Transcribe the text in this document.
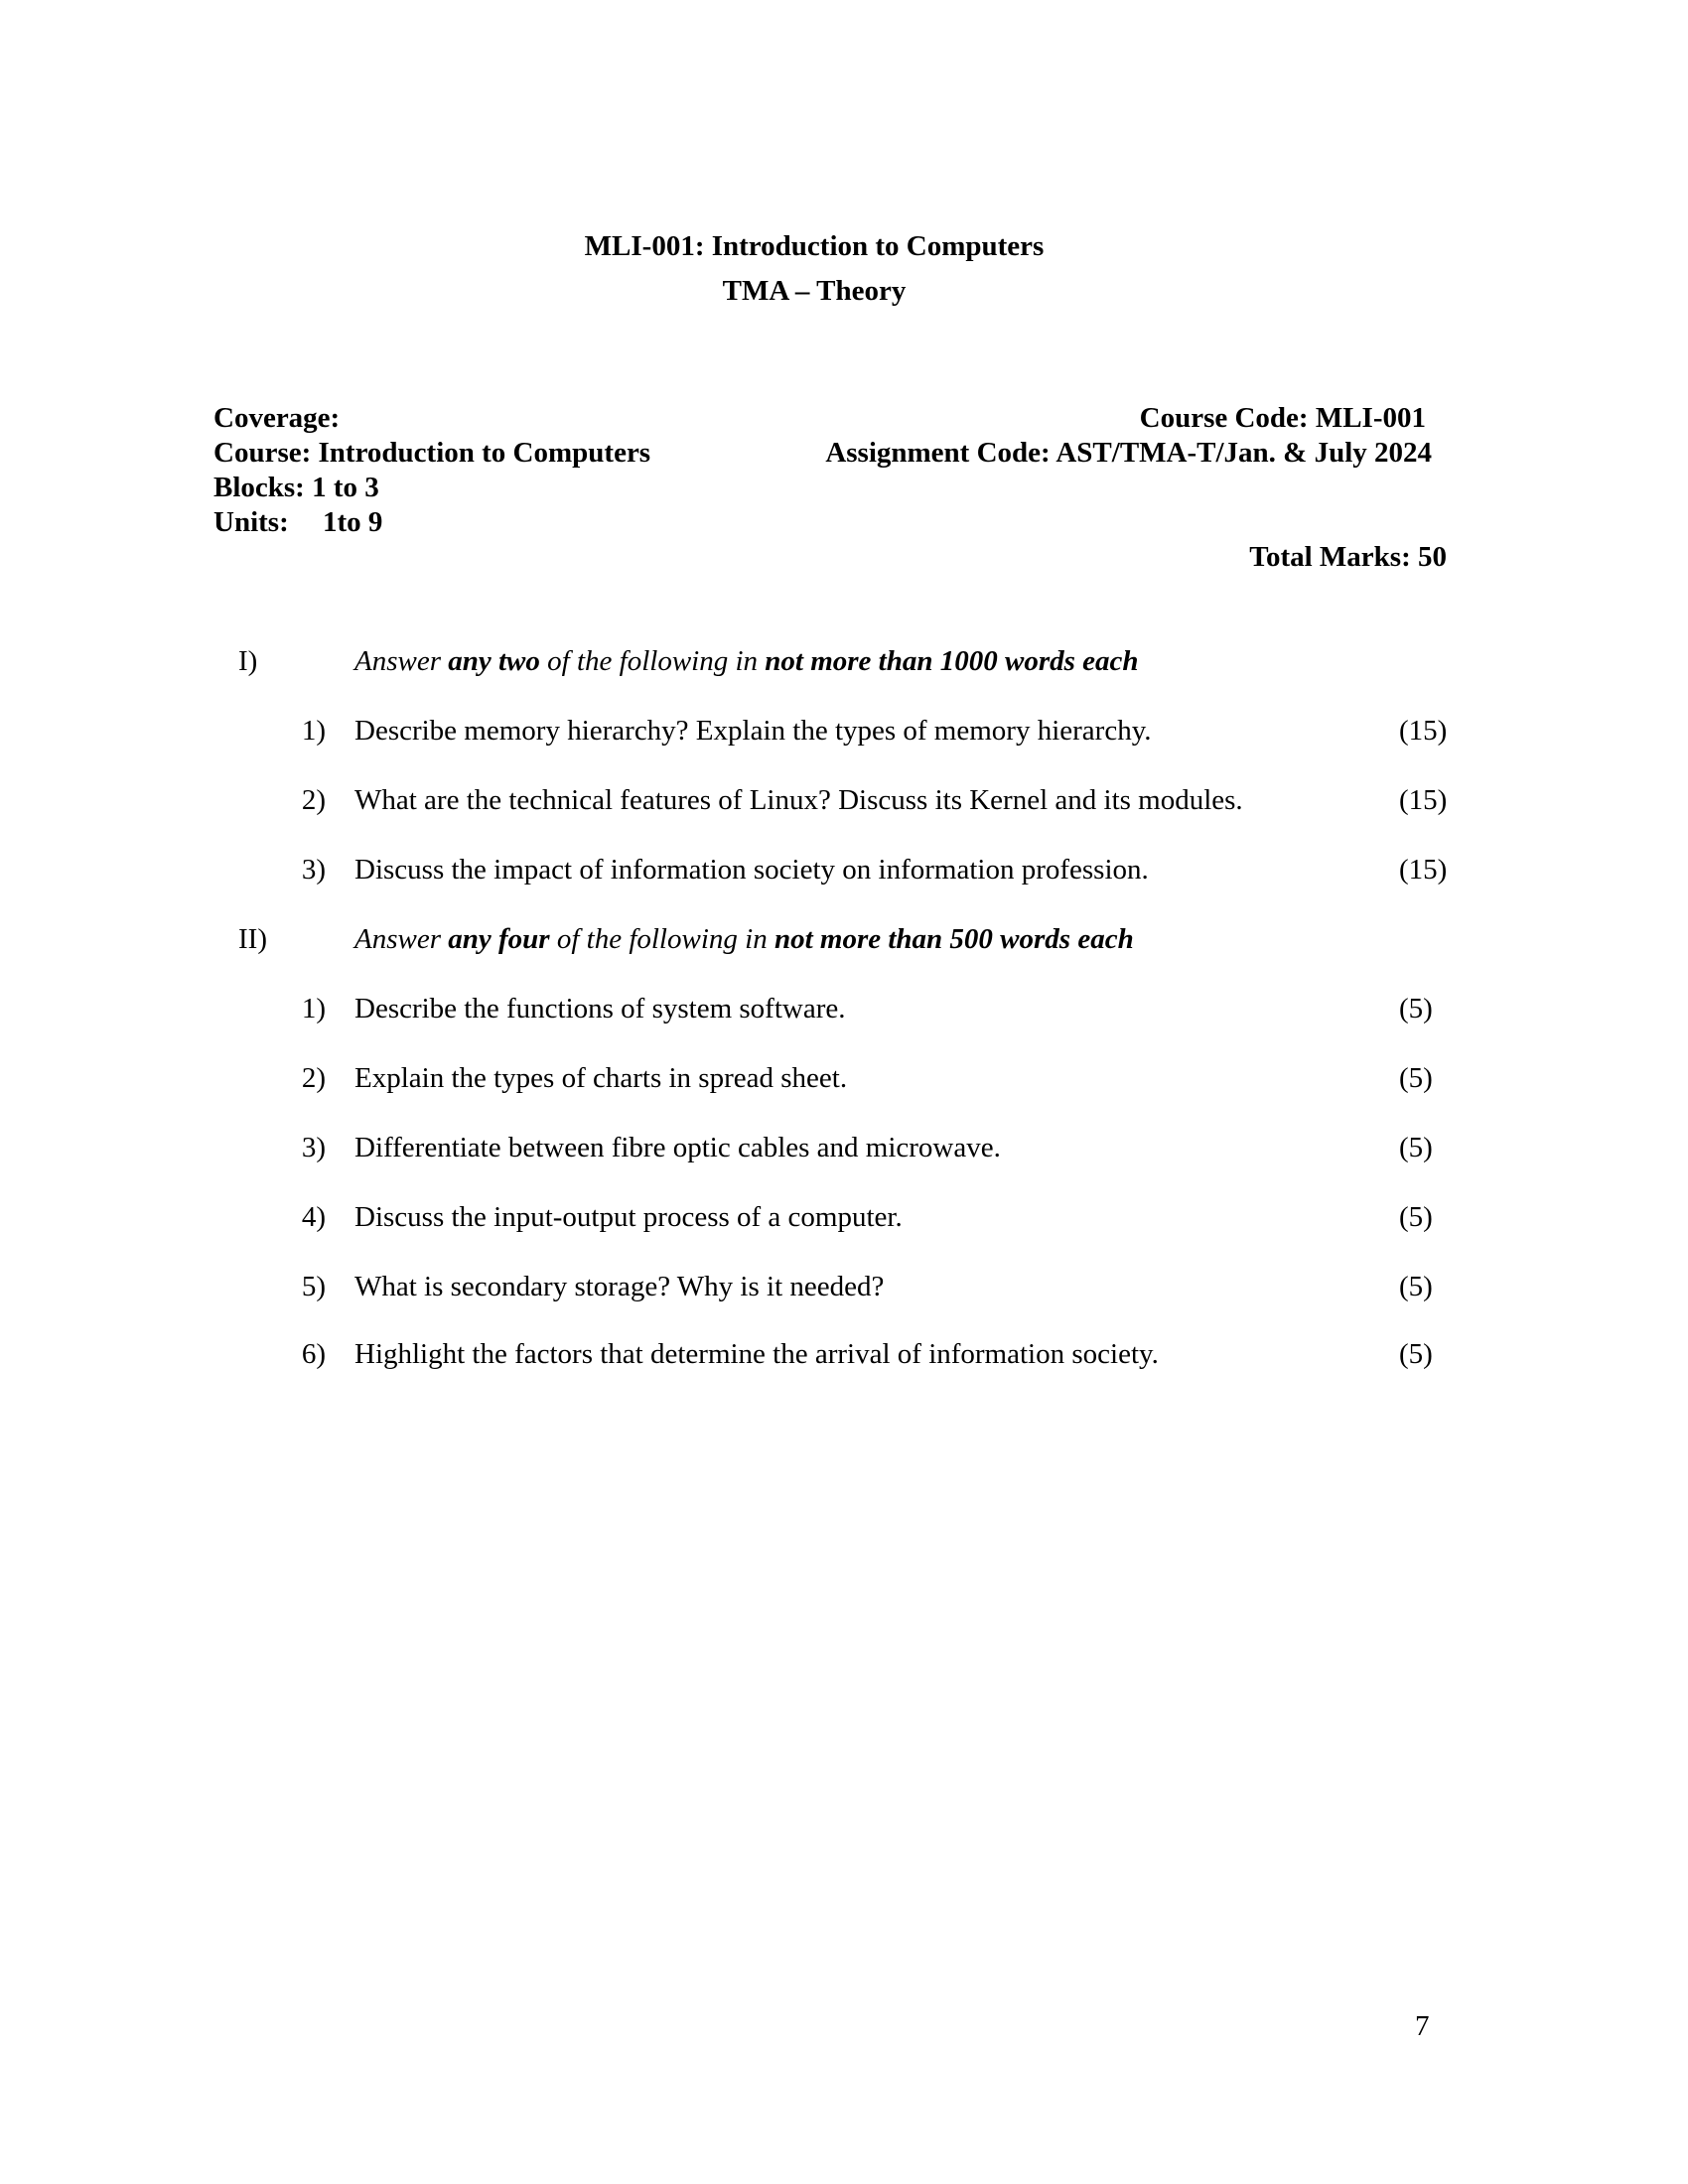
MLI-001: Introduction to Computers
TMA – Theory
Coverage:
Course: Introduction to Computers
Blocks: 1 to 3
Units: 1to 9
Course Code: MLI-001
Assignment Code: AST/TMA-T/Jan. & July 2024
Total Marks: 50
I)	Answer any two of the following in not more than 1000 words each
1) Describe memory hierarchy? Explain the types of memory hierarchy.	(15)
2) What are the technical features of Linux? Discuss its Kernel and its modules.	(15)
3) Discuss the impact of information society on information profession.	(15)
II)	Answer any four of the following in not more than 500 words each
1) Describe the functions of system software.	(5)
2) Explain the types of charts in spread sheet.	(5)
3) Differentiate between fibre optic cables and microwave.	(5)
4) Discuss the input-output process of a computer.	(5)
5) What is secondary storage? Why is it needed?	(5)
6) Highlight the factors that determine the arrival of information society.	(5)
7
